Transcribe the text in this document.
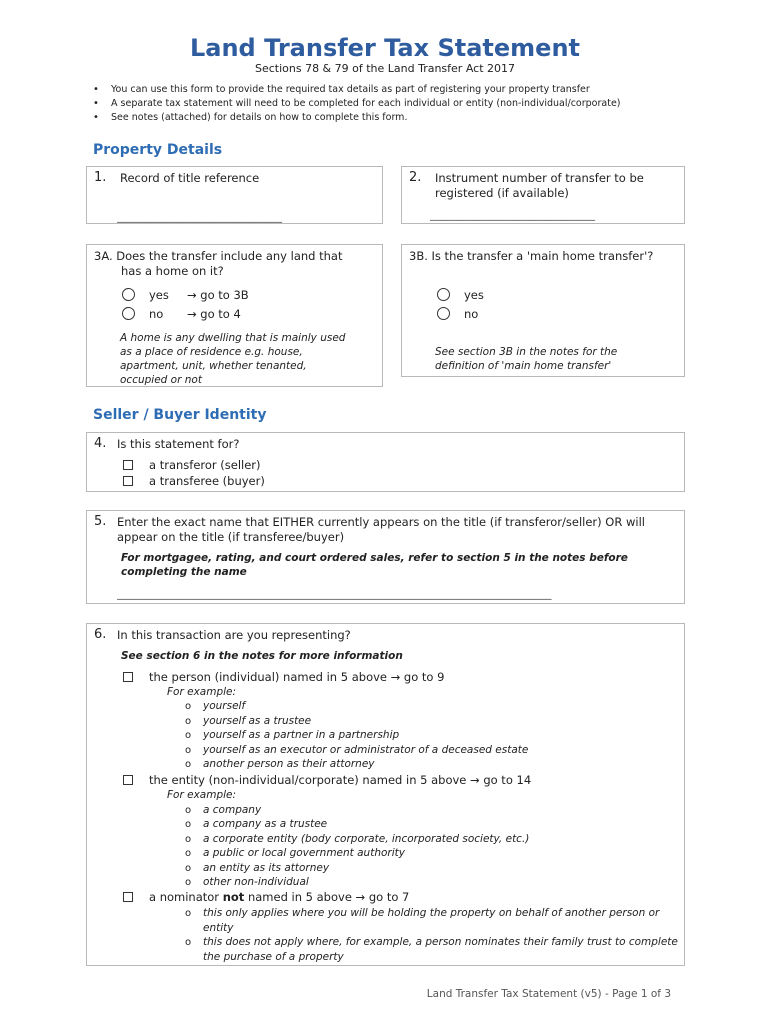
Land Transfer Tax Statement
Sections 78 & 79 of the Land Transfer Act 2017
• You can use this form to provide the required tax details as part of registering your property transfer
• A separate tax statement will need to be completed for each individual or entity (non-individual/corporate)
• See notes (attached) for details on how to complete this form.
Property Details
1. Record of title reference
______________________________
2. Instrument number of transfer to be registered (if available)
______________________________
3A. Does the transfer include any land that has a home on it?
yes → go to 3B
no → go to 4
A home is any dwelling that is mainly used as a place of residence e.g. house, apartment, unit, whether tenanted, occupied or not
3B. Is the transfer a 'main home transfer'?
yes
no
See section 3B in the notes for the definition of 'main home transfer'
Seller / Buyer Identity
4. Is this statement for?
a transferor (seller)
a transferee (buyer)
5. Enter the exact name that EITHER currently appears on the title (if transferor/seller) OR will appear on the title (if transferee/buyer)
For mortgagee, rating, and court ordered sales, refer to section 5 in the notes before completing the name
_______________________________________________________________________________
6. In this transaction are you representing?
See section 6 in the notes for more information
the person (individual) named in 5 above → go to 9
For example:
o yourself
o yourself as a trustee
o yourself as a partner in a partnership
o yourself as an executor or administrator of a deceased estate
o another person as their attorney
the entity (non-individual/corporate) named in 5 above → go to 14
For example:
o a company
o a company as a trustee
o a corporate entity (body corporate, incorporated society, etc.)
o a public or local government authority
o an entity as its attorney
o other non-individual
a nominator not named in 5 above → go to 7
o this only applies where you will be holding the property on behalf of another person or entity
o this does not apply where, for example, a person nominates their family trust to complete the purchase of a property
Land Transfer Tax Statement (v5) - Page 1 of 3
